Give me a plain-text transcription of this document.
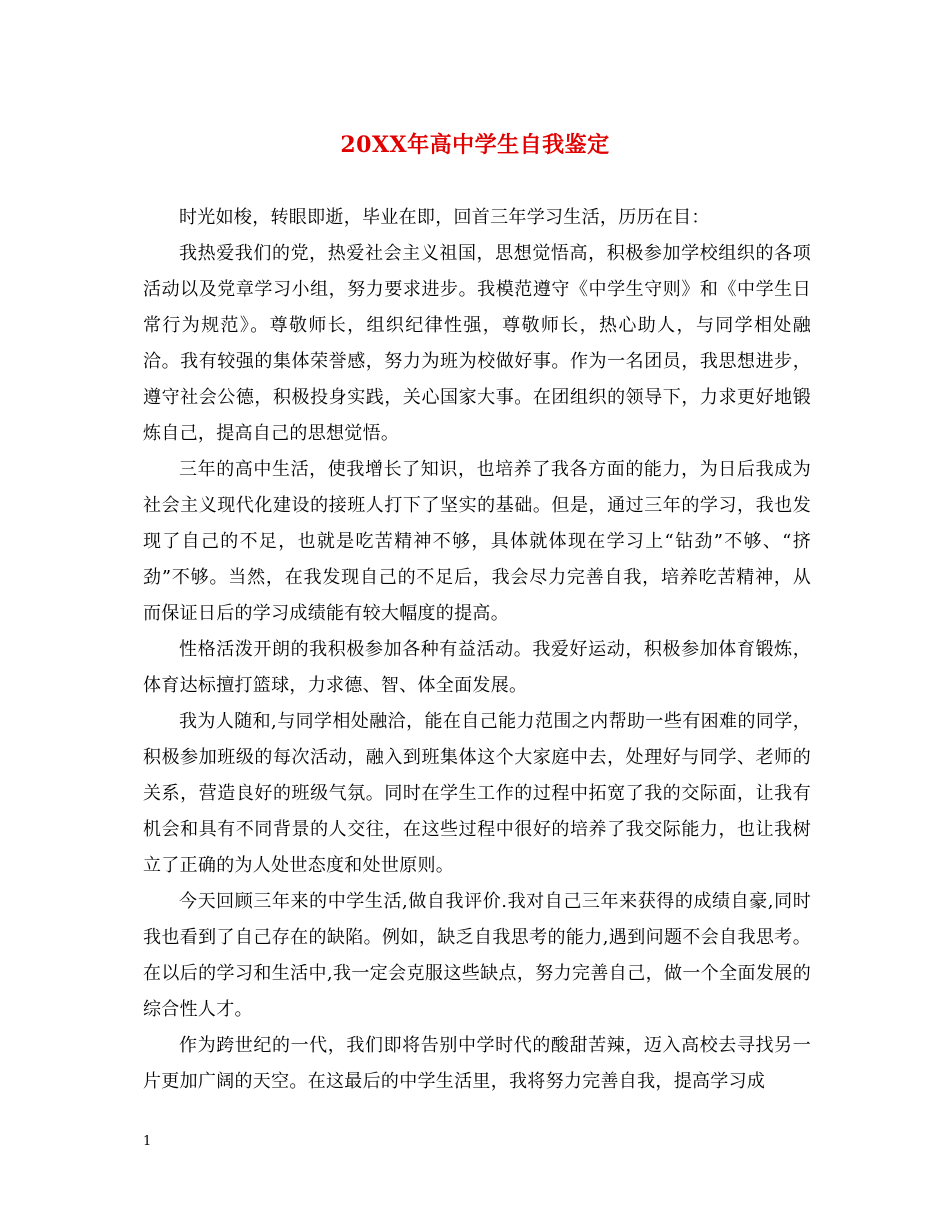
20XX年高中学生自我鉴定

时光如梭，转眼即逝，毕业在即，回首三年学习生活，历历在目：

我热爱我们的党，热爱社会主义祖国，思想觉悟高，积极参加学校组织的各项活动以及党章学习小组，努力要求进步。我模范遵守《中学生守则》和《中学生日常行为规范》。尊敬师长，组织纪律性强，尊敬师长，热心助人，与同学相处融洽。我有较强的集体荣誉感，努力为班为校做好事。作为一名团员，我思想进步，遵守社会公德，积极投身实践，关心国家大事。在团组织的领导下，力求更好地锻炼自己，提高自己的思想觉悟。

三年的高中生活，使我增长了知识，也培养了我各方面的能力，为日后我成为社会主义现代化建设的接班人打下了坚实的基础。但是，通过三年的学习，我也发现了自己的不足，也就是吃苦精神不够，具体就体现在学习上“钻劲”不够、“挤劲”不够。当然，在我发现自己的不足后，我会尽力完善自我，培养吃苦精神，从而保证日后的学习成绩能有较大幅度的提高。

性格活泼开朗的我积极参加各种有益活动。我爱好运动，积极参加体育锻炼，体育达标擅打篮球，力求德、智、体全面发展。

我为人随和,与同学相处融洽，能在自己能力范围之内帮助一些有困难的同学，积极参加班级的每次活动，融入到班集体这个大家庭中去，处理好与同学、老师的关系，营造良好的班级气氛。同时在学生工作的过程中拓宽了我的交际面，让我有机会和具有不同背景的人交往，在这些过程中很好的培养了我交际能力，也让我树立了正确的为人处世态度和处世原则。

今天回顾三年来的中学生活,做自我评价.我对自己三年来获得的成绩自豪,同时我也看到了自己存在的缺陷。例如，缺乏自我思考的能力,遇到问题不会自我思考。在以后的学习和生活中,我一定会克服这些缺点，努力完善自己，做一个全面发展的综合性人才。

作为跨世纪的一代，我们即将告别中学时代的酸甜苦辣，迈入高校去寻找另一片更加广阔的天空。在这最后的中学生活里，我将努力完善自我，提高学习成

1
